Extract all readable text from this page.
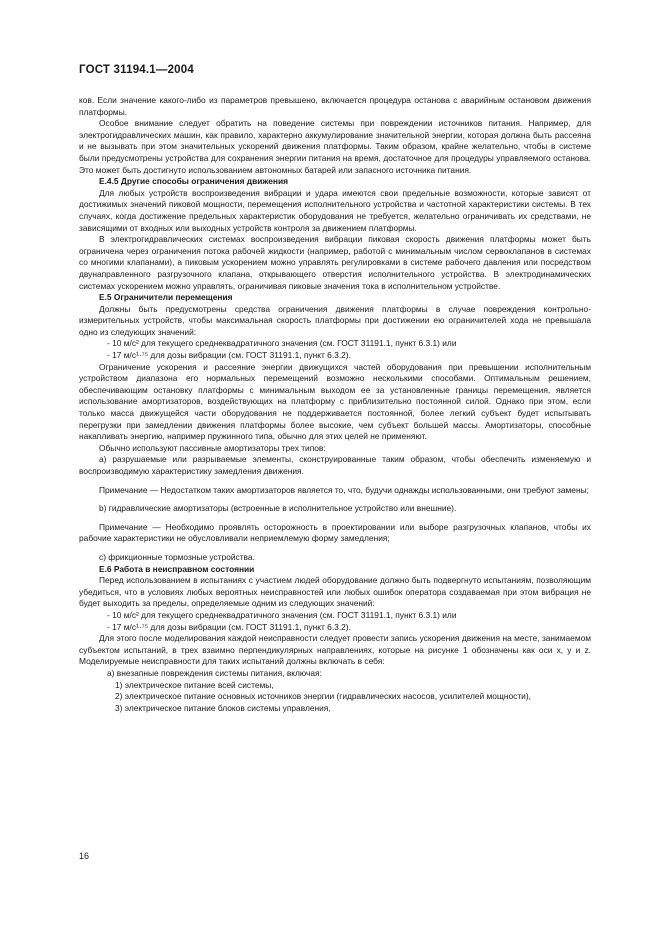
ГОСТ 31194.1—2004

ков. Если значение какого-либо из параметров превышено, включается процедура останова с аварийным остановом движения платформы.

Особое внимание следует обратить на поведение системы при повреждении источников питания. Например, для электрогидравлических машин, как правило, характерно аккумулирование значительной энергии, которая должна быть рассеяна и не вызывать при этом значительных ускорений движения платформы. Таким образом, крайне желательно, чтобы в системе были предусмотрены устройства для сохранения энергии питания на время, достаточное для процедуры управляемого останова. Это может быть достигнуто использованием автономных батарей или запасного источника питания.

Е.4.5 Другие способы ограничения движения

Для любых устройств воспроизведения вибрации и удара имеются свои предельные возможности, которые зависят от достижимых значений пиковой мощности, перемещения исполнительного устройства и частотной характеристики системы. В тех случаях, когда достижение предельных характеристик оборудования не требуется, желательно ограничивать их средствами, не зависящими от входных или выходных устройств контроля за движением платформы.

В электрогидравлических системах воспроизведения вибрации пиковая скорость движения платформы может быть ограничена через ограничения потока рабочей жидкости (например, работой с минимальным числом сервоклапанов в системах со многими клапанами), а пиковым ускорением можно управлять регулировками в системе рабочего давления или посредством двунаправленного разгрузочного клапана, открывающего отверстия исполнительного устройства. В электродинамических системах ускорением можно управлять, ограничивая пиковые значения тока в исполнительном устройстве.

Е.5 Ограничители перемещения

Должны быть предусмотрены средства ограничения движения платформы в случае повреждения контрольно-измерительных устройств, чтобы максимальная скорость платформы при достижении ею ограничителей хода не превышала одно из следующих значений:

- 10 м/с² для текущего среднеквадратичного значения (см. ГОСТ 31191.1, пункт 6.3.1) или

- 17 м/с¹·⁷⁵ для дозы вибрации (см. ГОСТ 31191.1, пункт 6.3.2).

Ограничение ускорения и рассеяние энергии движущихся частей оборудования при превышении исполнительным устройством диапазона его нормальных перемещений возможно несколькими способами. Оптимальным решением, обеспечивающим остановку платформы с минимальным выходом ее за установленные границы перемещения, является использование амортизаторов, воздействующих на платформу с приблизительно постоянной силой. Однако при этом, если только масса движущейся части оборудования не поддерживается постоянной, более легкий субъект будет испытывать перегрузки при замедлении движения платформы более высокие, чем субъект большей массы. Амортизаторы, способные накапливать энергию, например пружинного типа, обычно для этих целей не применяют.

Обычно используют пассивные амортизаторы трех типов:

а) разрушаемые или разрываемые элементы, сконструированные таким образом, чтобы обеспечить изменяемую и воспроизводимую характеристику замедления движения.

Примечание — Недостатком таких амортизаторов является то, что, будучи однажды использованными, они требуют замены;

b) гидравлические амортизаторы (встроенные в исполнительное устройство или внешние).

Примечание — Необходимо проявлять осторожность в проектировании или выборе разгрузочных клапанов, чтобы их рабочие характеристики не обусловливали неприемлемую форму замедления;

с) фрикционные тормозные устройства.

Е.6 Работа в неисправном состоянии

Перед использованием в испытаниях с участием людей оборудование должно быть подвергнуто испытаниям, позволяющим убедиться, что в условиях любых вероятных неисправностей или любых ошибок оператора создаваемая при этом вибрация не будет выходить за пределы, определяемые одним из следующих значений:

- 10 м/с² для текущего среднеквадратичного значения (см. ГОСТ 31191.1, пункт 6.3.1) или

- 17 м/с¹·⁷⁵ для дозы вибрации (см. ГОСТ 31191.1, пункт 6.3.2).

Для этого после моделирования каждой неисправности следует провести запись ускорения движения на месте, занимаемом субъектом испытаний, в трех взаимно перпендикулярных направлениях, которые на рисунке 1 обозначены как оси x, y и z. Моделируемые неисправности для таких испытаний должны включать в себя:

а) внезапные повреждения системы питания, включая:

1) электрическое питание всей системы,

2) электрическое питание основных источников энергии (гидравлических насосов, усилителей мощности),

3) электрическое питание блоков системы управления,

16
